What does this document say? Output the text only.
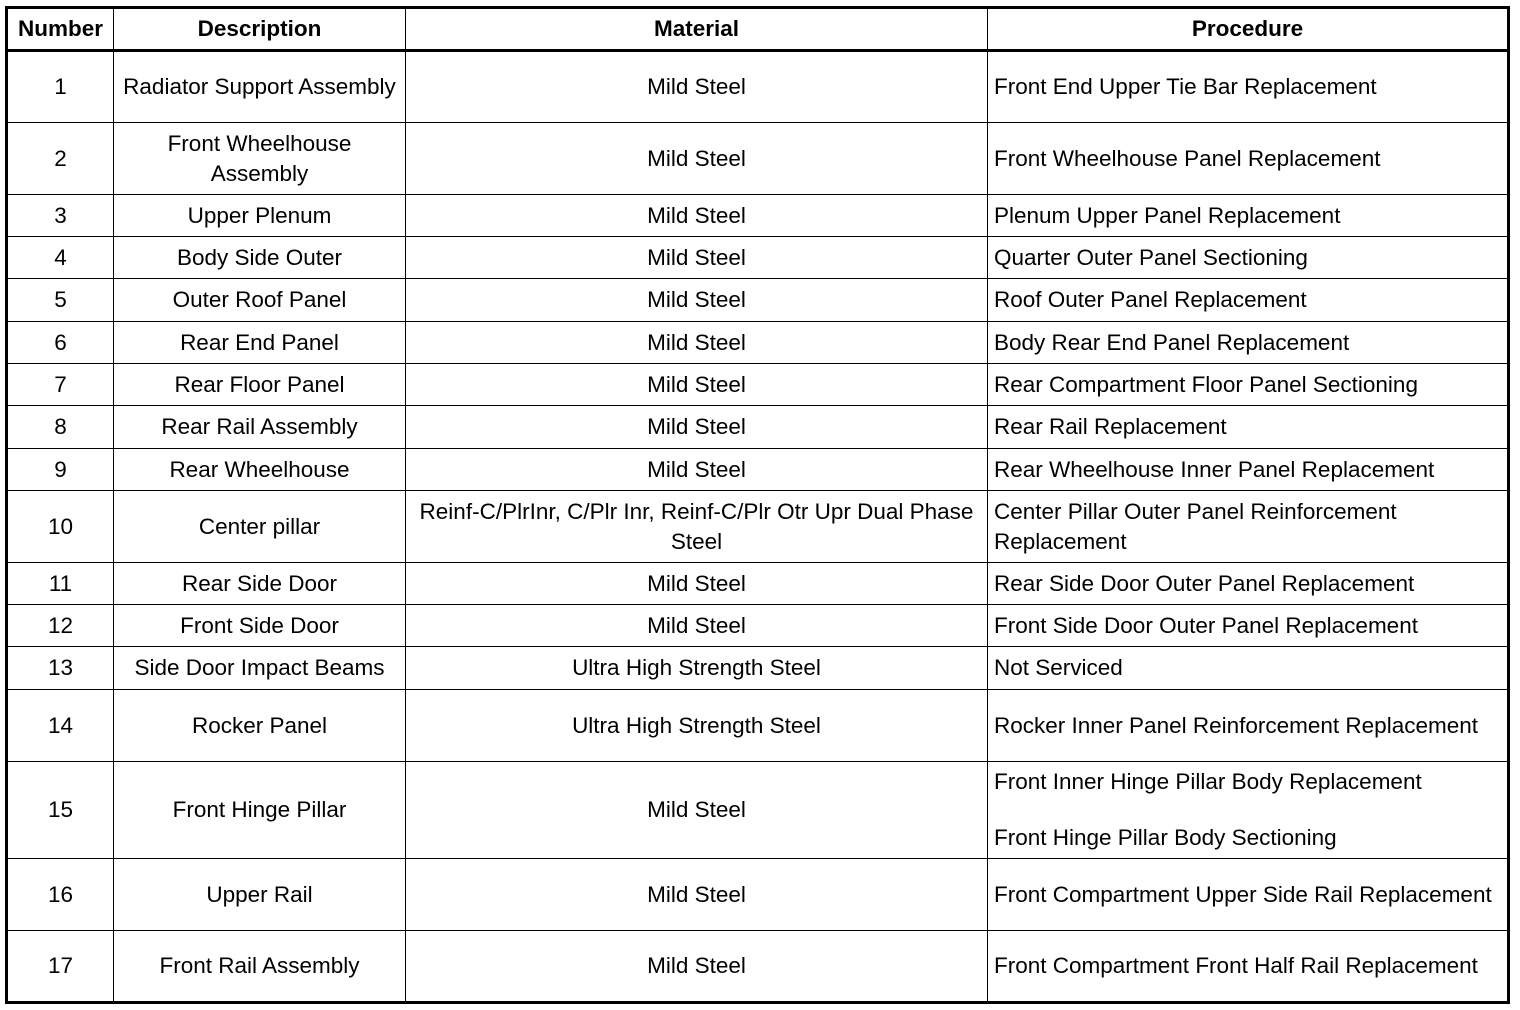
Number	Description	Material	Procedure
1	Radiator Support Assembly	Mild Steel	Front End Upper Tie Bar Replacement

2	Front Wheelhouse Assembly	Mild Steel	Front Wheelhouse Panel Replacement

3	Upper Plenum	Mild Steel	Plenum Upper Panel Replacement

4	Body Side Outer	Mild Steel	Quarter Outer Panel Sectioning

5	Outer Roof Panel	Mild Steel	Roof Outer Panel Replacement

6	Rear End Panel	Mild Steel	Body Rear End Panel Replacement

7	Rear Floor Panel	Mild Steel	Rear Compartment Floor Panel Sectioning

8	Rear Rail Assembly	Mild Steel	Rear Rail Replacement

9	Rear Wheelhouse	Mild Steel	Rear Wheelhouse Inner Panel Replacement

10	Center pillar	Reinf-C/PlrInr, C/Plr Inr, Reinf-C/Plr Otr Upr Dual Phase Steel	Center Pillar Outer Panel Reinforcement Replacement

11	Rear Side Door	Mild Steel	Rear Side Door Outer Panel Replacement

12	Front Side Door	Mild Steel	Front Side Door Outer Panel Replacement

13	Side Door Impact Beams	Ultra High Strength Steel	Not Serviced

14	Rocker Panel	Ultra High Strength Steel	Rocker Inner Panel Reinforcement Replacement

15	Front Hinge Pillar	Mild Steel	Front Inner Hinge Pillar Body Replacement
Front Hinge Pillar Body Sectioning

16	Upper Rail	Mild Steel	Front Compartment Upper Side Rail Replacement

17	Front Rail Assembly	Mild Steel	Front Compartment Front Half Rail Replacement
